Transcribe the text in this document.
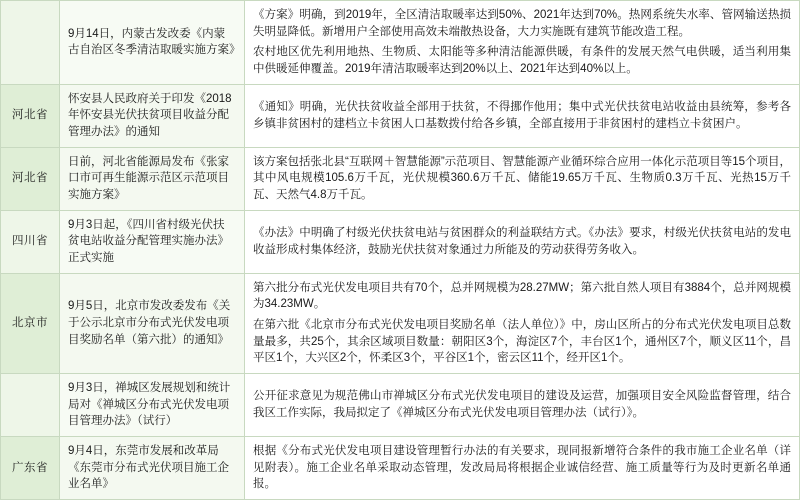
	9月14日，内蒙古发改委《内蒙古自治区冬季清洁取暖实施方案》	《方案》明确，到2019年，全区清洁取暖率达到50%、2021年达到70%。热网系统失水率、管网输送热损失明显降低。新增用户全部使用高效未端散热设备，大力实施既有建筑节能改造工程。

农村地区优先利用地热、生物质、太阳能等多种清洁能源供暖，有条件的发展天然气电供暖，适当利用集中供暖延伸覆盖。2019年清洁取暖率达到20%以上、2021年达到40%以上。

河北省	怀安县人民政府关于印发《2018年怀安县光伏扶贫项目收益分配管理办法》的通知	《通知》明确，光伏扶贫收益全部用于扶贫，不得挪作他用；集中式光伏扶贫电站收益由县统筹，参考各乡镇非贫困村的建档立卡贫困人口基数拨付给各乡镇，全部直接用于非贫困村的建档立卡贫困户。

河北省	日前，河北省能源局发布《张家口市可再生能源示范区示范项目实施方案》	该方案包括张北县“互联网＋智慧能源”示范项目、智慧能源产业循环综合应用一体化示范项目等15个项目，其中风电规模105.6万千瓦，光伏规模360.6万千瓦、储能19.65万千瓦、生物质0.3万千瓦、光热15万千瓦、天然气4.8万千瓦。

四川省	9月3日起，《四川省村级光伏扶贫电站收益分配管理实施办法》正式实施	《办法》中明确了村级光伏扶贫电站与贫困群众的利益联结方式。《办法》要求，村级光伏扶贫电站的发电收益形成村集体经济，鼓励光伏扶贫对象通过力所能及的劳动获得劳务收入。

北京市	9月5日，北京市发改委发布《关于公示北京市分布式光伏发电项目奖励名单（第六批）的通知》	第六批分布式光伏发电项目共有70个，总并网规模为28.27MW；第六批自然人项目有3884个，总并网规模为34.23MW。

在第六批《北京市分布式光伏发电项目奖励名单（法人单位）》中，房山区所占的分布式光伏发电项目总数量最多，共25个，其余区域项目数量：朝阳区3个，海淀区7个，丰台区1个，通州区7个，顺义区11个，昌平区1个，大兴区2个，怀柔区3个，平谷区1个，密云区11个，经开区1个。

	9月3日，禅城区发展规划和统计局对《禅城区分布式光伏发电项目管理办法》（试行）	公开征求意见为规范佛山市禅城区分布式光伏发电项目的建设及运营，加强项目安全风险监督管理，结合我区工作实际，我局拟定了《禅城区分布式光伏发电项目管理办法（试行）》。

广东省	9月4日，东莞市发展和改革局《东莞市分布式光伏项目施工企业名单》	根据《分布式光伏发电项目建设管理暂行办法的有关要求，现同报新增符合条件的我市施工企业名单（详见附表）。施工企业名单采取动态管理，发改局局将根据企业诚信经营、施工质量等行为及时更新名单通报。
